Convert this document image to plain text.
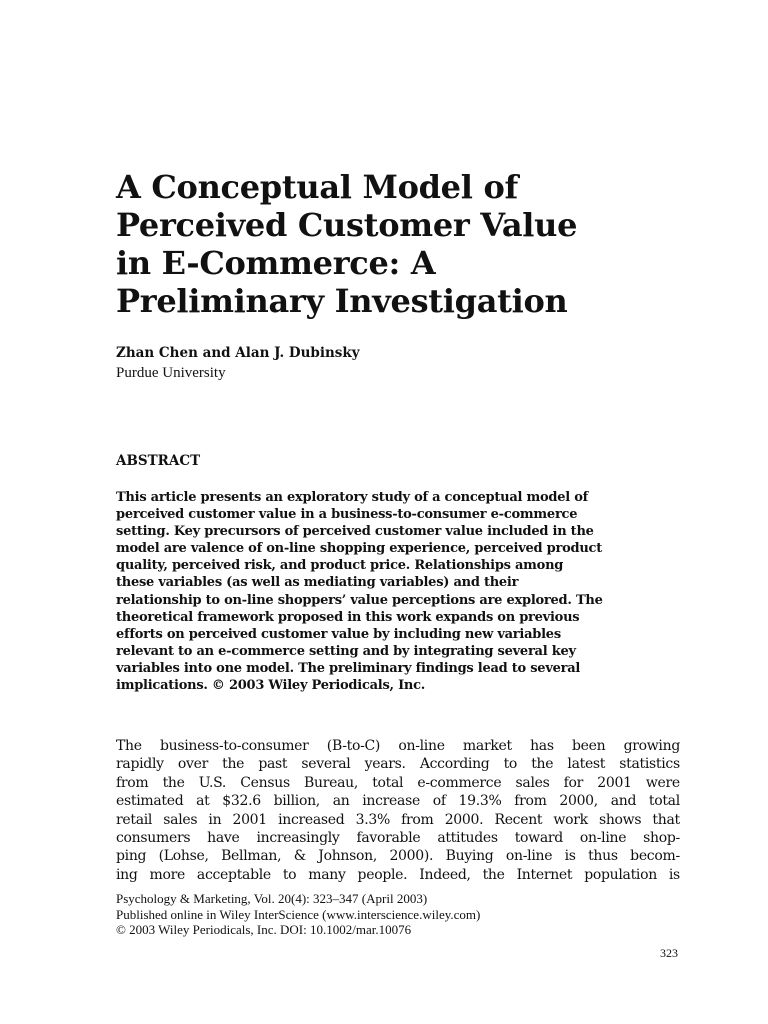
A Conceptual Model of
Perceived Customer Value
in E-Commerce: A
Preliminary Investigation
Zhan Chen and Alan J. Dubinsky
Purdue University
ABSTRACT
This article presents an exploratory study of a conceptual model of
perceived customer value in a business-to-consumer e-commerce
setting. Key precursors of perceived customer value included in the
model are valence of on-line shopping experience, perceived product
quality, perceived risk, and product price. Relationships among
these variables (as well as mediating variables) and their
relationship to on-line shoppers’ value perceptions are explored. The
theoretical framework proposed in this work expands on previous
efforts on perceived customer value by including new variables
relevant to an e-commerce setting and by integrating several key
variables into one model. The preliminary findings lead to several
implications. © 2003 Wiley Periodicals, Inc.
The business-to-consumer (B-to-C) on-line market has been growing
rapidly over the past several years. According to the latest statistics
from the U.S. Census Bureau, total e-commerce sales for 2001 were
estimated at $32.6 billion, an increase of 19.3% from 2000, and total
retail sales in 2001 increased 3.3% from 2000. Recent work shows that
consumers have increasingly favorable attitudes toward on-line shop-
ping (Lohse, Bellman, & Johnson, 2000). Buying on-line is thus becom-
ing more acceptable to many people. Indeed, the Internet population is
Psychology & Marketing, Vol. 20(4): 323–347 (April 2003)
Published online in Wiley InterScience (www.interscience.wiley.com)
© 2003 Wiley Periodicals, Inc. DOI: 10.1002/mar.10076
323
